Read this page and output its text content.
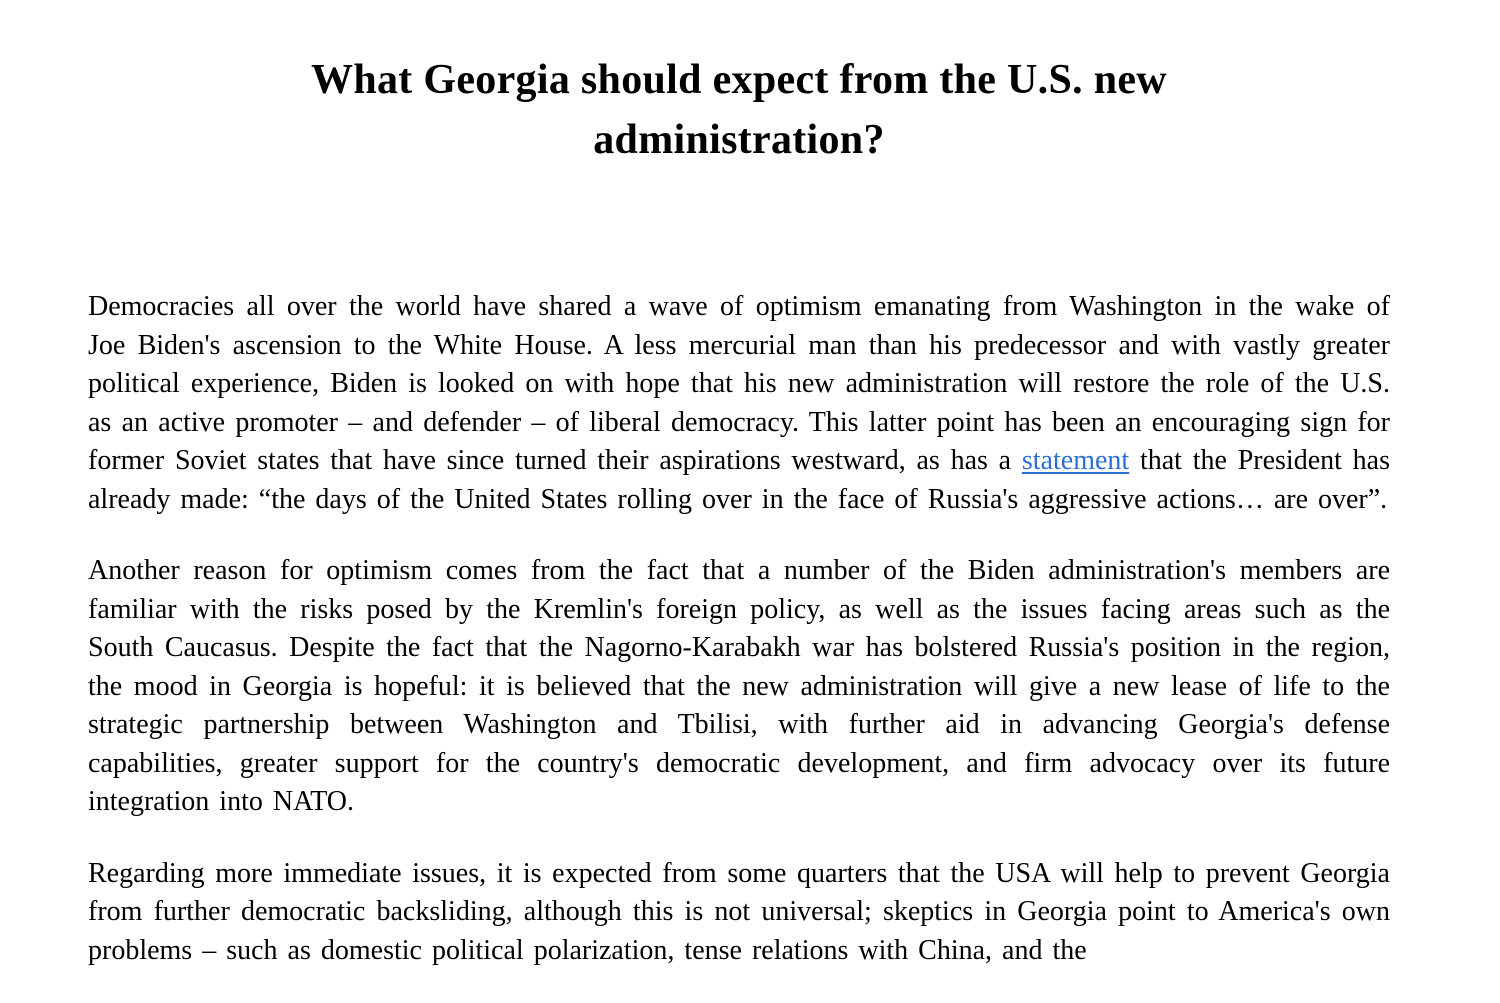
What Georgia should expect from the U.S. new
administration?

Democracies all over the world have shared a wave of optimism emanating from Washington in the wake of Joe Biden's ascension to the White House. A less mercurial man than his predecessor and with vastly greater political experience, Biden is looked on with hope that his new administration will restore the role of the U.S. as an active promoter – and defender – of liberal democracy. This latter point has been an encouraging sign for former Soviet states that have since turned their aspirations westward, as has a statement that the President has already made: “the days of the United States rolling over in the face of Russia's aggressive actions… are over”.

Another reason for optimism comes from the fact that a number of the Biden administration's members are familiar with the risks posed by the Kremlin's foreign policy, as well as the issues facing areas such as the South Caucasus. Despite the fact that the Nagorno-Karabakh war has bolstered Russia's position in the region, the mood in Georgia is hopeful: it is believed that the new administration will give a new lease of life to the strategic partnership between Washington and Tbilisi, with further aid in advancing Georgia's defense capabilities, greater support for the country's democratic development, and firm advocacy over its future integration into NATO.

Regarding more immediate issues, it is expected from some quarters that the USA will help to prevent Georgia from further democratic backsliding, although this is not universal; skeptics in Georgia point to America's own problems – such as domestic political polarization, tense relations with China, and the
